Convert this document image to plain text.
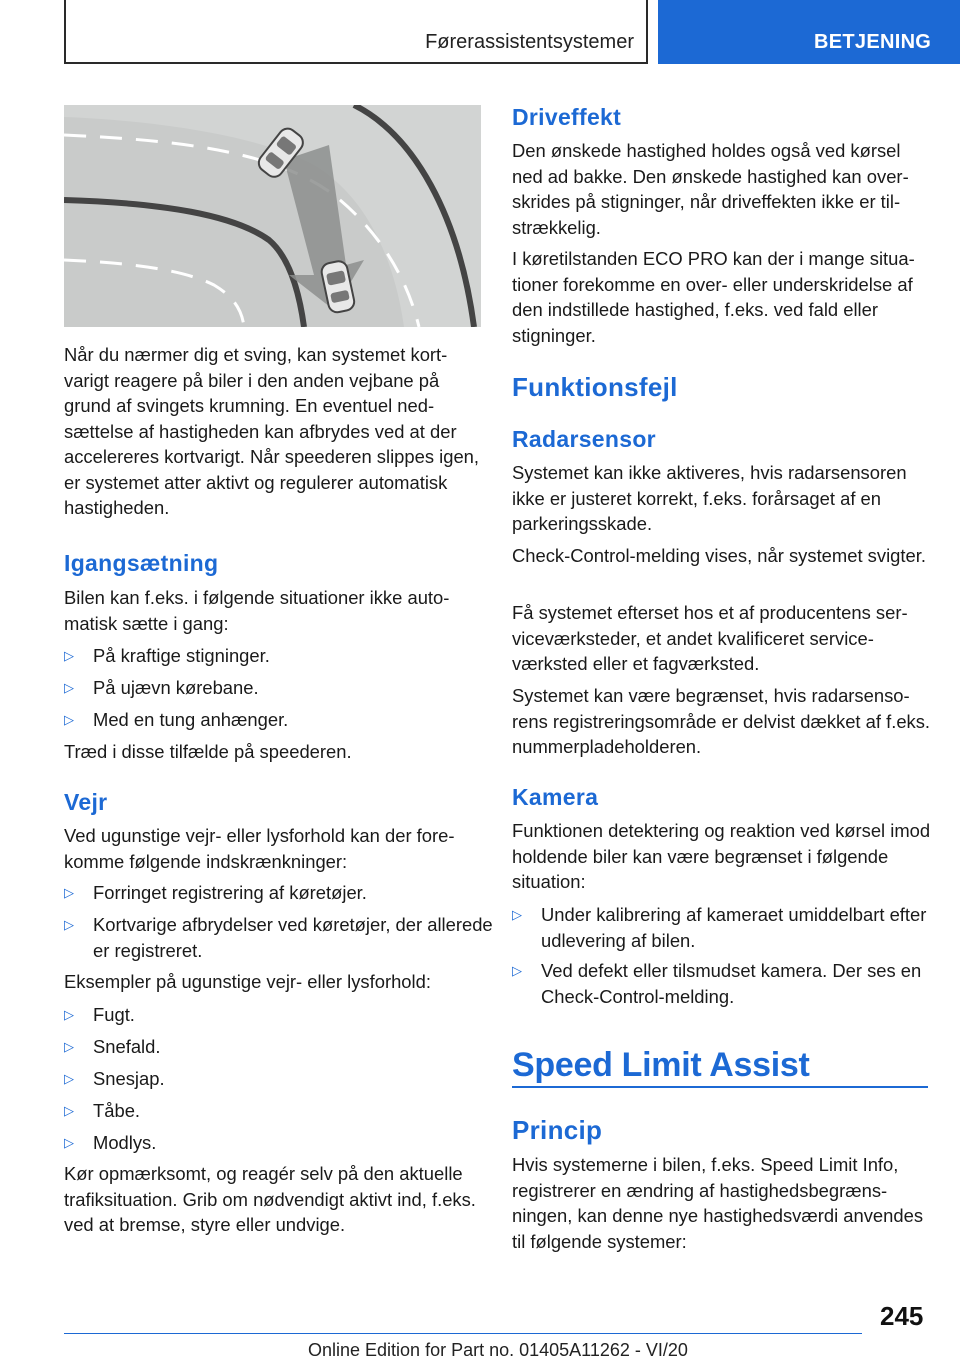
Førerassistentsystemer	BETJENING

Når du nærmer dig et sving, kan systemet kortvarigt reagere på biler i den anden vejbane på grund af svingets krumning. En eventuel nedsættelse af hastigheden kan afbrydes ved at der accelereres kortvarigt. Når speederen slippes igen, er systemet atter aktivt og regulerer automatisk hastigheden.

Igangsætning

Bilen kan f.eks. i følgende situationer ikke automatisk sætte i gang:

▷ På kraftige stigninger.
▷ På ujævn kørebane.
▷ Med en tung anhænger.

Træd i disse tilfælde på speederen.

Vejr

Ved ugunstige vejr- eller lysforhold kan der forekomme følgende indskrænkninger:

▷ Forringet registrering af køretøjer.
▷ Kortvarige afbrydelser ved køretøjer, der allerede er registreret.

Eksempler på ugunstige vejr- eller lysforhold:

▷ Fugt.
▷ Snefald.
▷ Snesjap.
▷ Tåbe.
▷ Modlys.

Kør opmærksomt, og reagér selv på den aktuelle trafiksituation. Grib om nødvendigt aktivt ind, f.eks. ved at bremse, styre eller undvige.

Driveffekt

Den ønskede hastighed holdes også ved kørsel ned ad bakke. Den ønskede hastighed kan overskrides på stigninger, når driveffekten ikke er tilstrækkelig.

I køretilstanden ECO PRO kan der i mange situationer forekomme en over- eller underskridelse af den indstillede hastighed, f.eks. ved fald eller stigninger.

Funktionsfejl
Radarsensor

Systemet kan ikke aktiveres, hvis radarsensoren ikke er justeret korrekt, f.eks. forårsaget af en parkeringsskade.

Check-Control-melding vises, når systemet svigter.

Få systemet efterset hos et af producentens serviceværksteder, et andet kvalificeret serviceværksted eller et fagværksted.

Systemet kan være begrænset, hvis radarsensorens registreringsområde er delvist dækket af f.eks. nummerpladeholderen.

Kamera

Funktionen detektering og reaktion ved kørsel imod holdende biler kan være begrænset i følgende situation:

▷ Under kalibrering af kameraet umiddelbart efter udlevering af bilen.
▷ Ved defekt eller tilsmudset kamera. Der ses en Check-Control-melding.
Speed Limit Assist
Princip

Hvis systemerne i bilen, f.eks. Speed Limit Info, registrerer en ændring af hastighedsbegrænsningen, kan denne nye hastighedsværdi anvendes til følgende systemer:

245
Online Edition for Part no. 01405A11262 - VI/20
